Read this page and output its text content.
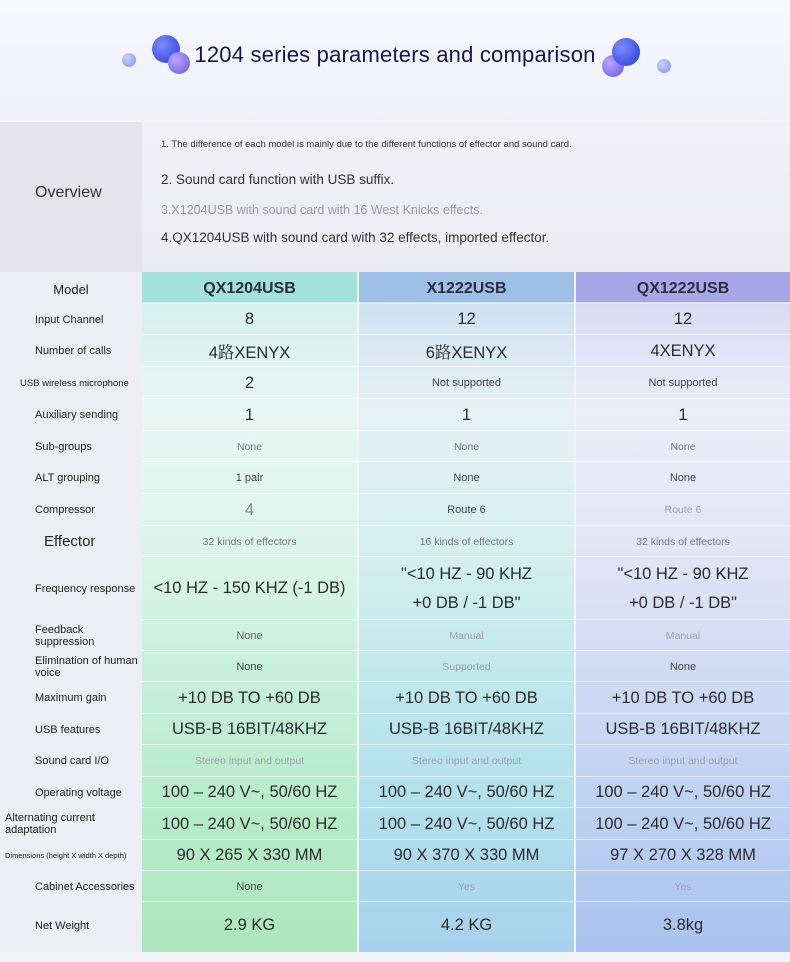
1204 series parameters and comparison
Overview
1. The difference of each model is mainly due to the different functions of effector and sound card.
2. Sound card function with USB suffix.
3.X1204USB with sound card with 16 West Knicks effects.
4.QX1204USB with sound card with 32 effects, imported effector.
Model
Input Channel
Number of calls
USB wireless microphone
Auxiliary sending
Sub-groups
ALT grouping
Compressor
Effector
Frequency response
Feedback suppression
Elimination of human voice
Maximum gain
USB features
Sound card I/O
Operating voltage
Alternating current adaptation
Dimensions (height X width X depth)
Cabinet Accessories
Net Weight
QX1204USB
8
4路XENYX
2
1
None
1 pair
4
32 kinds of effectors
<10 HZ - 150 KHZ (-1 DB)
None
None
+10 DB TO +60 DB
USB-B 16BIT/48KHZ
Stereo input and output
100 – 240 V~, 50/60 HZ
100 – 240 V~, 50/60 HZ
90 X 265 X 330 MM
None
2.9 KG
X1222USB
12
6路XENYX
Not supported
1
None
None
Route 6
16 kinds of effectors
"<10 HZ - 90 KHZ
+0 DB / -1 DB"
Manual
Supported
+10 DB TO +60 DB
USB-B 16BIT/48KHZ
Stereo input and output
100 – 240 V~, 50/60 HZ
100 – 240 V~, 50/60 HZ
90 X 370 X 330 MM
Yes
4.2 KG
QX1222USB
12
4XENYX
Not supported
1
None
None
Route 6
32 kinds of effectors
"<10 HZ - 90 KHZ
+0 DB / -1 DB"
Manual
None
+10 DB TO +60 DB
USB-B 16BIT/48KHZ
Stereo input and output
100 – 240 V~, 50/60 HZ
100 – 240 V~, 50/60 HZ
97 X 270 X 328 MM
Yes
3.8kg
